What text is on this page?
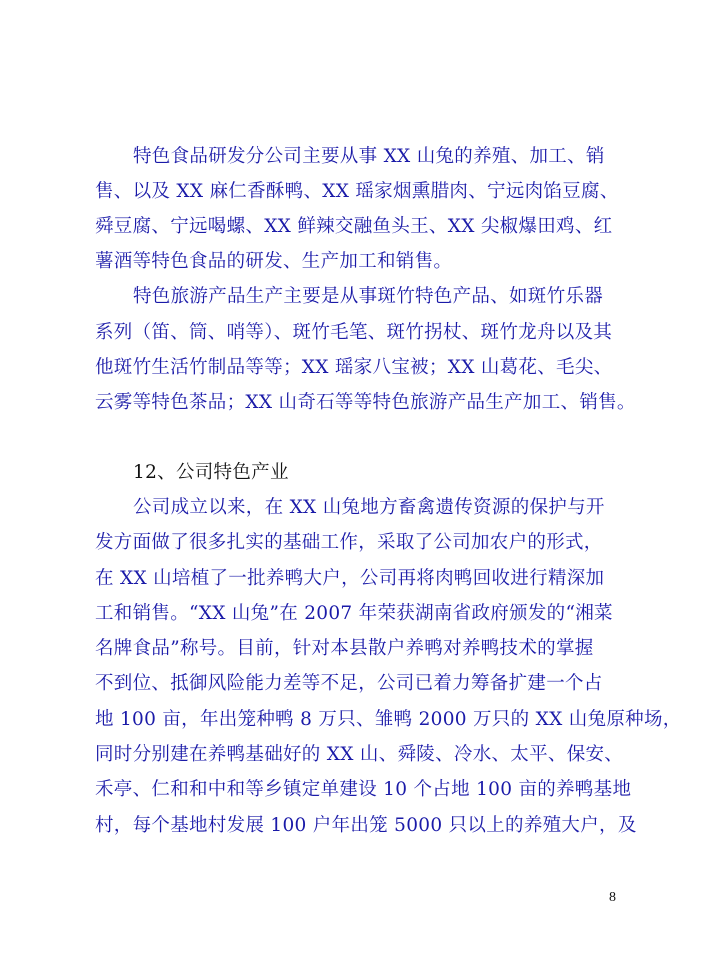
特色食品研发分公司主要从事 XX 山兔的养殖、加工、销
售、以及 XX 麻仁香酥鸭、XX 瑶家烟熏腊肉、宁远肉馅豆腐、
舜豆腐、宁远喝螺、XX 鲜辣交融鱼头王、XX 尖椒爆田鸡、红
薯酒等特色食品的研发、生产加工和销售。
特色旅游产品生产主要是从事斑竹特色产品、如斑竹乐器
系列（笛、筒、哨等）、斑竹毛笔、斑竹拐杖、斑竹龙舟以及其
他斑竹生活竹制品等等；XX 瑶家八宝被；XX 山葛花、毛尖、
云雾等特色茶品；XX 山奇石等等特色旅游产品生产加工、销售。
12、公司特色产业
公司成立以来，在 XX 山兔地方畜禽遗传资源的保护与开
发方面做了很多扎实的基础工作，采取了公司加农户的形式，
在 XX 山培植了一批养鸭大户，公司再将肉鸭回收进行精深加
工和销售。“XX 山兔”在 2007 年荣获湖南省政府颁发的“湘菜
名牌食品”称号。目前，针对本县散户养鸭对养鸭技术的掌握
不到位、抵御风险能力差等不足，公司已着力筹备扩建一个占
地 100 亩，年出笼种鸭 8 万只、雏鸭 2000 万只的 XX 山兔原种场，
同时分别建在养鸭基础好的 XX 山、舜陵、冷水、太平、保安、
禾亭、仁和和中和等乡镇定单建设 10 个占地 100 亩的养鸭基地
村，每个基地村发展 100 户年出笼 5000 只以上的养殖大户，及
8
